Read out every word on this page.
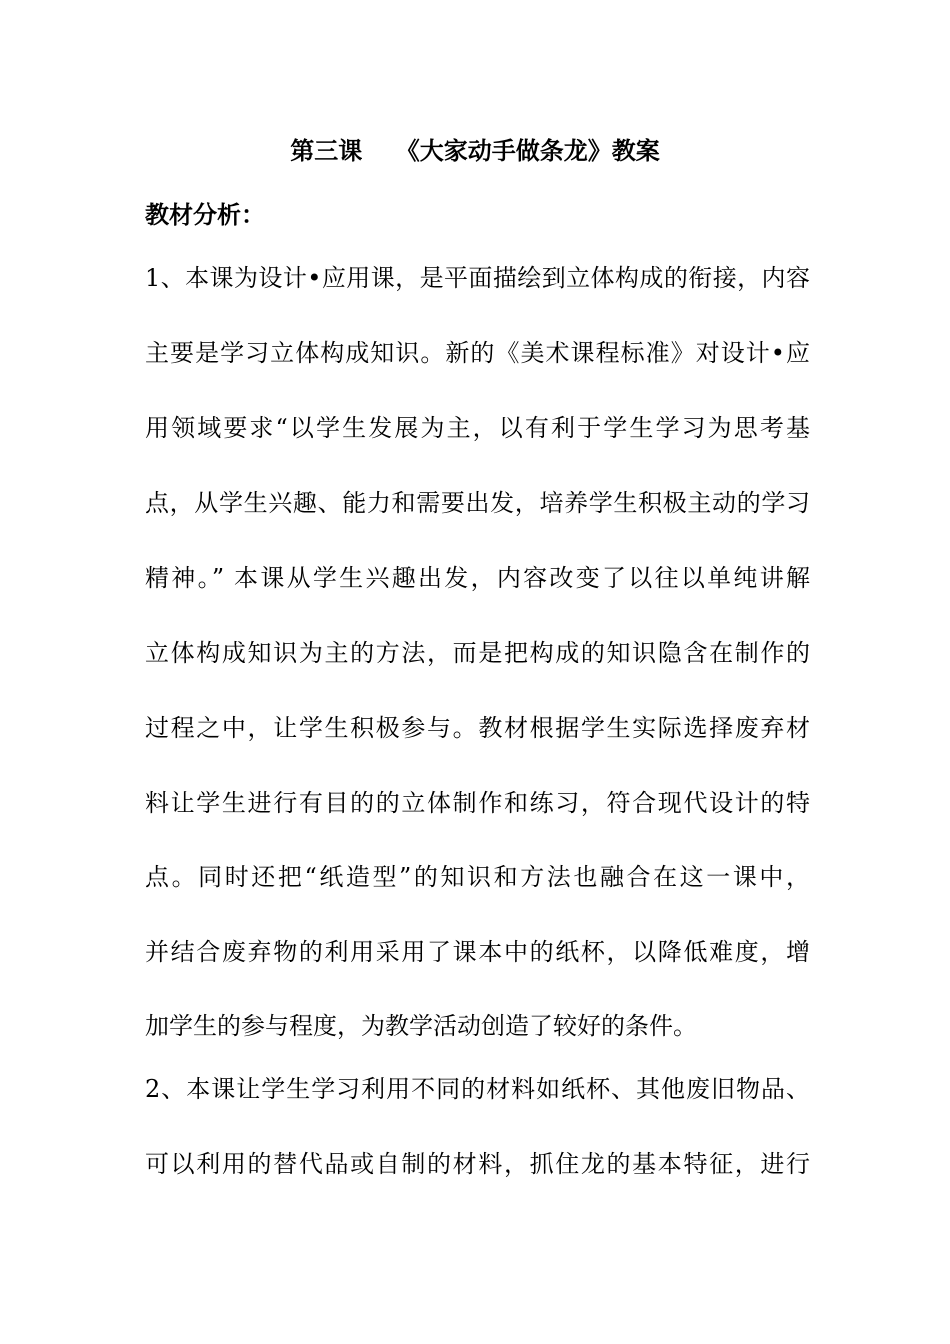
第三课    《大家动手做条龙》教案
教材分析：
1、本课为设计•应用课，是平面描绘到立体构成的衔接，内容
主要是学习立体构成知识。新的《美术课程标准》对设计•应
用领域要求“以学生发展为主，以有利于学生学习为思考基
点，从学生兴趣、能力和需要出发，培养学生积极主动的学习
精神。” 本课从学生兴趣出发，内容改变了以往以单纯讲解
立体构成知识为主的方法，而是把构成的知识隐含在制作的
过程之中，让学生积极参与。教材根据学生实际选择废弃材
料让学生进行有目的的立体制作和练习，符合现代设计的特
点。同时还把“纸造型”的知识和方法也融合在这一课中，
并结合废弃物的利用采用了课本中的纸杯，以降低难度，增
加学生的参与程度，为教学活动创造了较好的条件。
2、本课让学生学习利用不同的材料如纸杯、其他废旧物品、
可以利用的替代品或自制的材料，抓住龙的基本特征，进行
